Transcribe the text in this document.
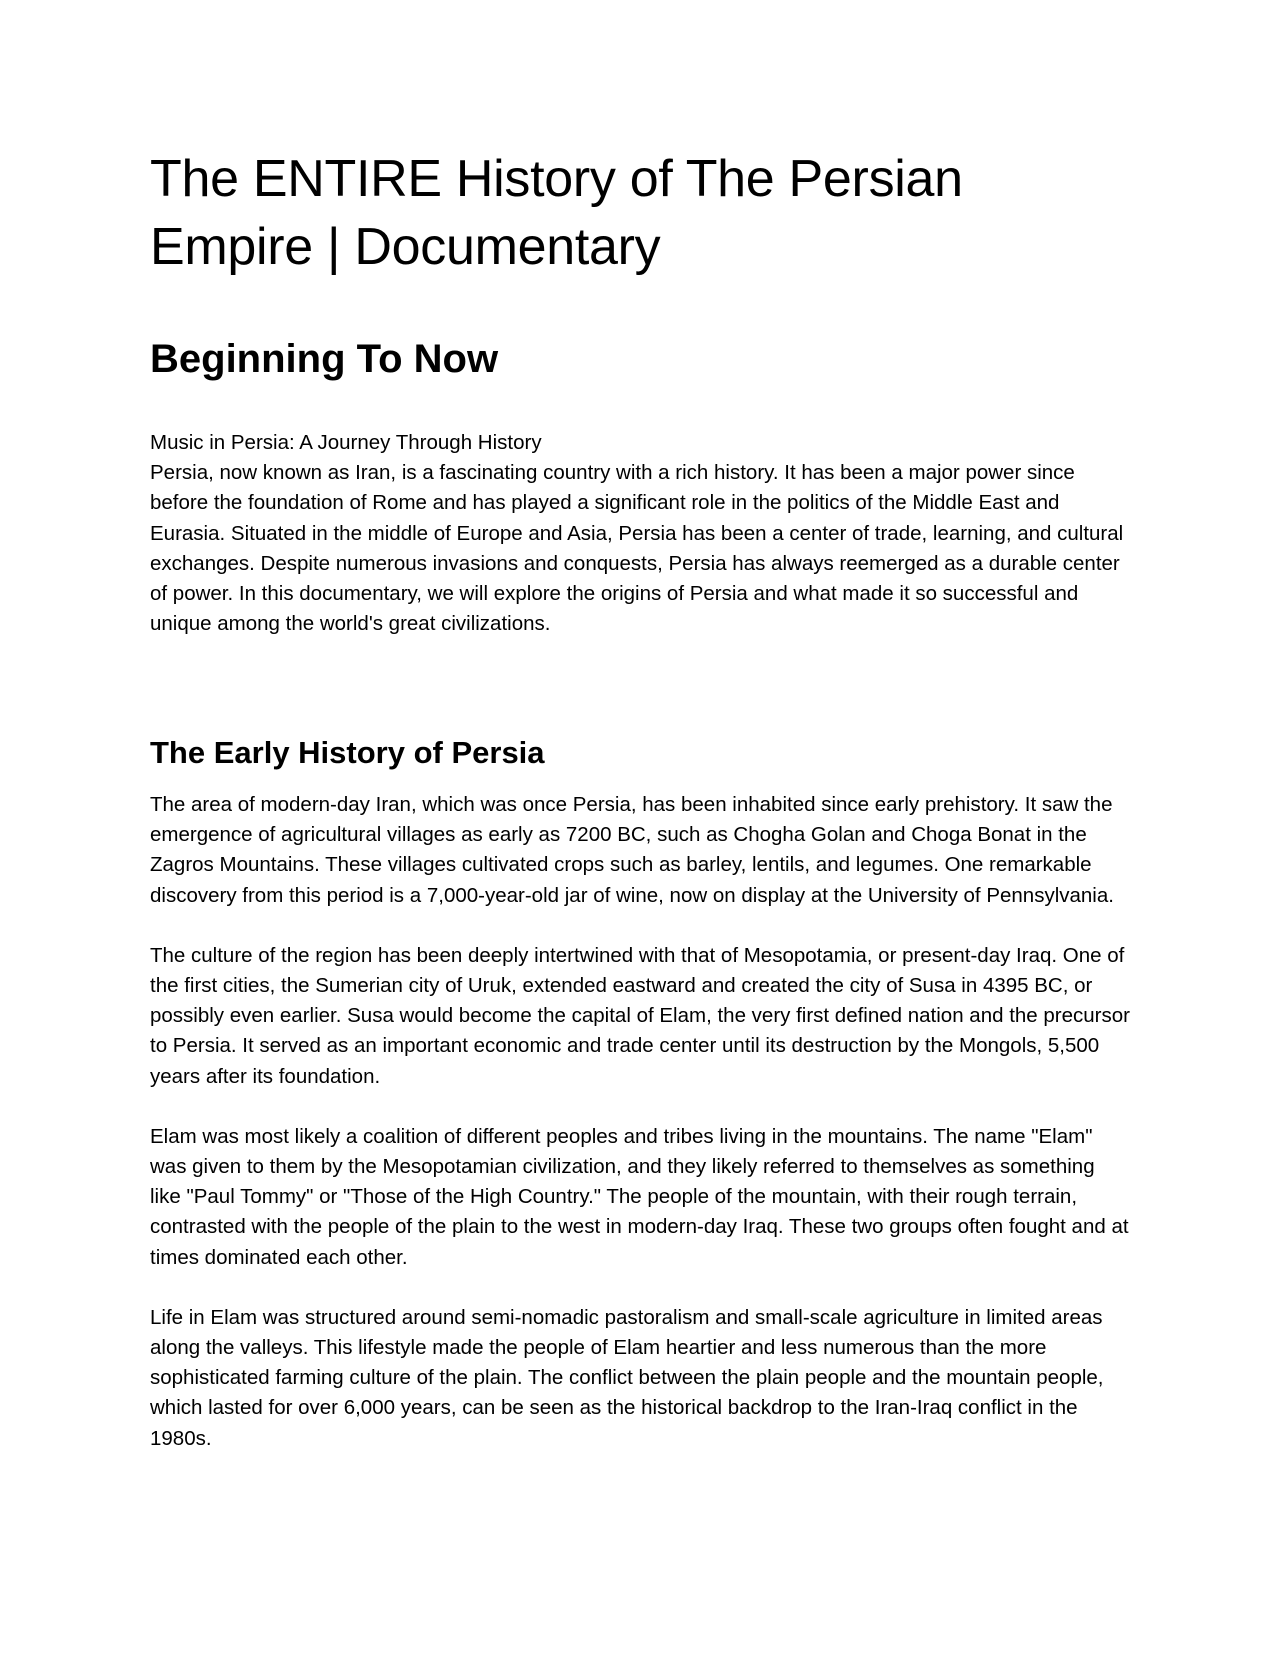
The ENTIRE History of The Persian Empire | Documentary
Beginning To Now

Music in Persia: A Journey Through History

Persia, now known as Iran, is a fascinating country with a rich history. It has been a major power since before the foundation of Rome and has played a significant role in the politics of the Middle East and Eurasia. Situated in the middle of Europe and Asia, Persia has been a center of trade, learning, and cultural exchanges. Despite numerous invasions and conquests, Persia has always reemerged as a durable center of power. In this documentary, we will explore the origins of Persia and what made it so successful and unique among the world's great civilizations.

The Early History of Persia

The area of modern-day Iran, which was once Persia, has been inhabited since early prehistory. It saw the emergence of agricultural villages as early as 7200 BC, such as Chogha Golan and Choga Bonat in the Zagros Mountains. These villages cultivated crops such as barley, lentils, and legumes. One remarkable discovery from this period is a 7,000-year-old jar of wine, now on display at the University of Pennsylvania.

The culture of the region has been deeply intertwined with that of Mesopotamia, or present-day Iraq. One of the first cities, the Sumerian city of Uruk, extended eastward and created the city of Susa in 4395 BC, or possibly even earlier. Susa would become the capital of Elam, the very first defined nation and the precursor to Persia. It served as an important economic and trade center until its destruction by the Mongols, 5,500 years after its foundation.

Elam was most likely a coalition of different peoples and tribes living in the mountains. The name "Elam" was given to them by the Mesopotamian civilization, and they likely referred to themselves as something like "Paul Tommy" or "Those of the High Country." The people of the mountain, with their rough terrain, contrasted with the people of the plain to the west in modern-day Iraq. These two groups often fought and at times dominated each other.

Life in Elam was structured around semi-nomadic pastoralism and small-scale agriculture in limited areas along the valleys. This lifestyle made the people of Elam heartier and less numerous than the more sophisticated farming culture of the plain. The conflict between the plain people and the mountain people, which lasted for over 6,000 years, can be seen as the historical backdrop to the Iran-Iraq conflict in the 1980s.
